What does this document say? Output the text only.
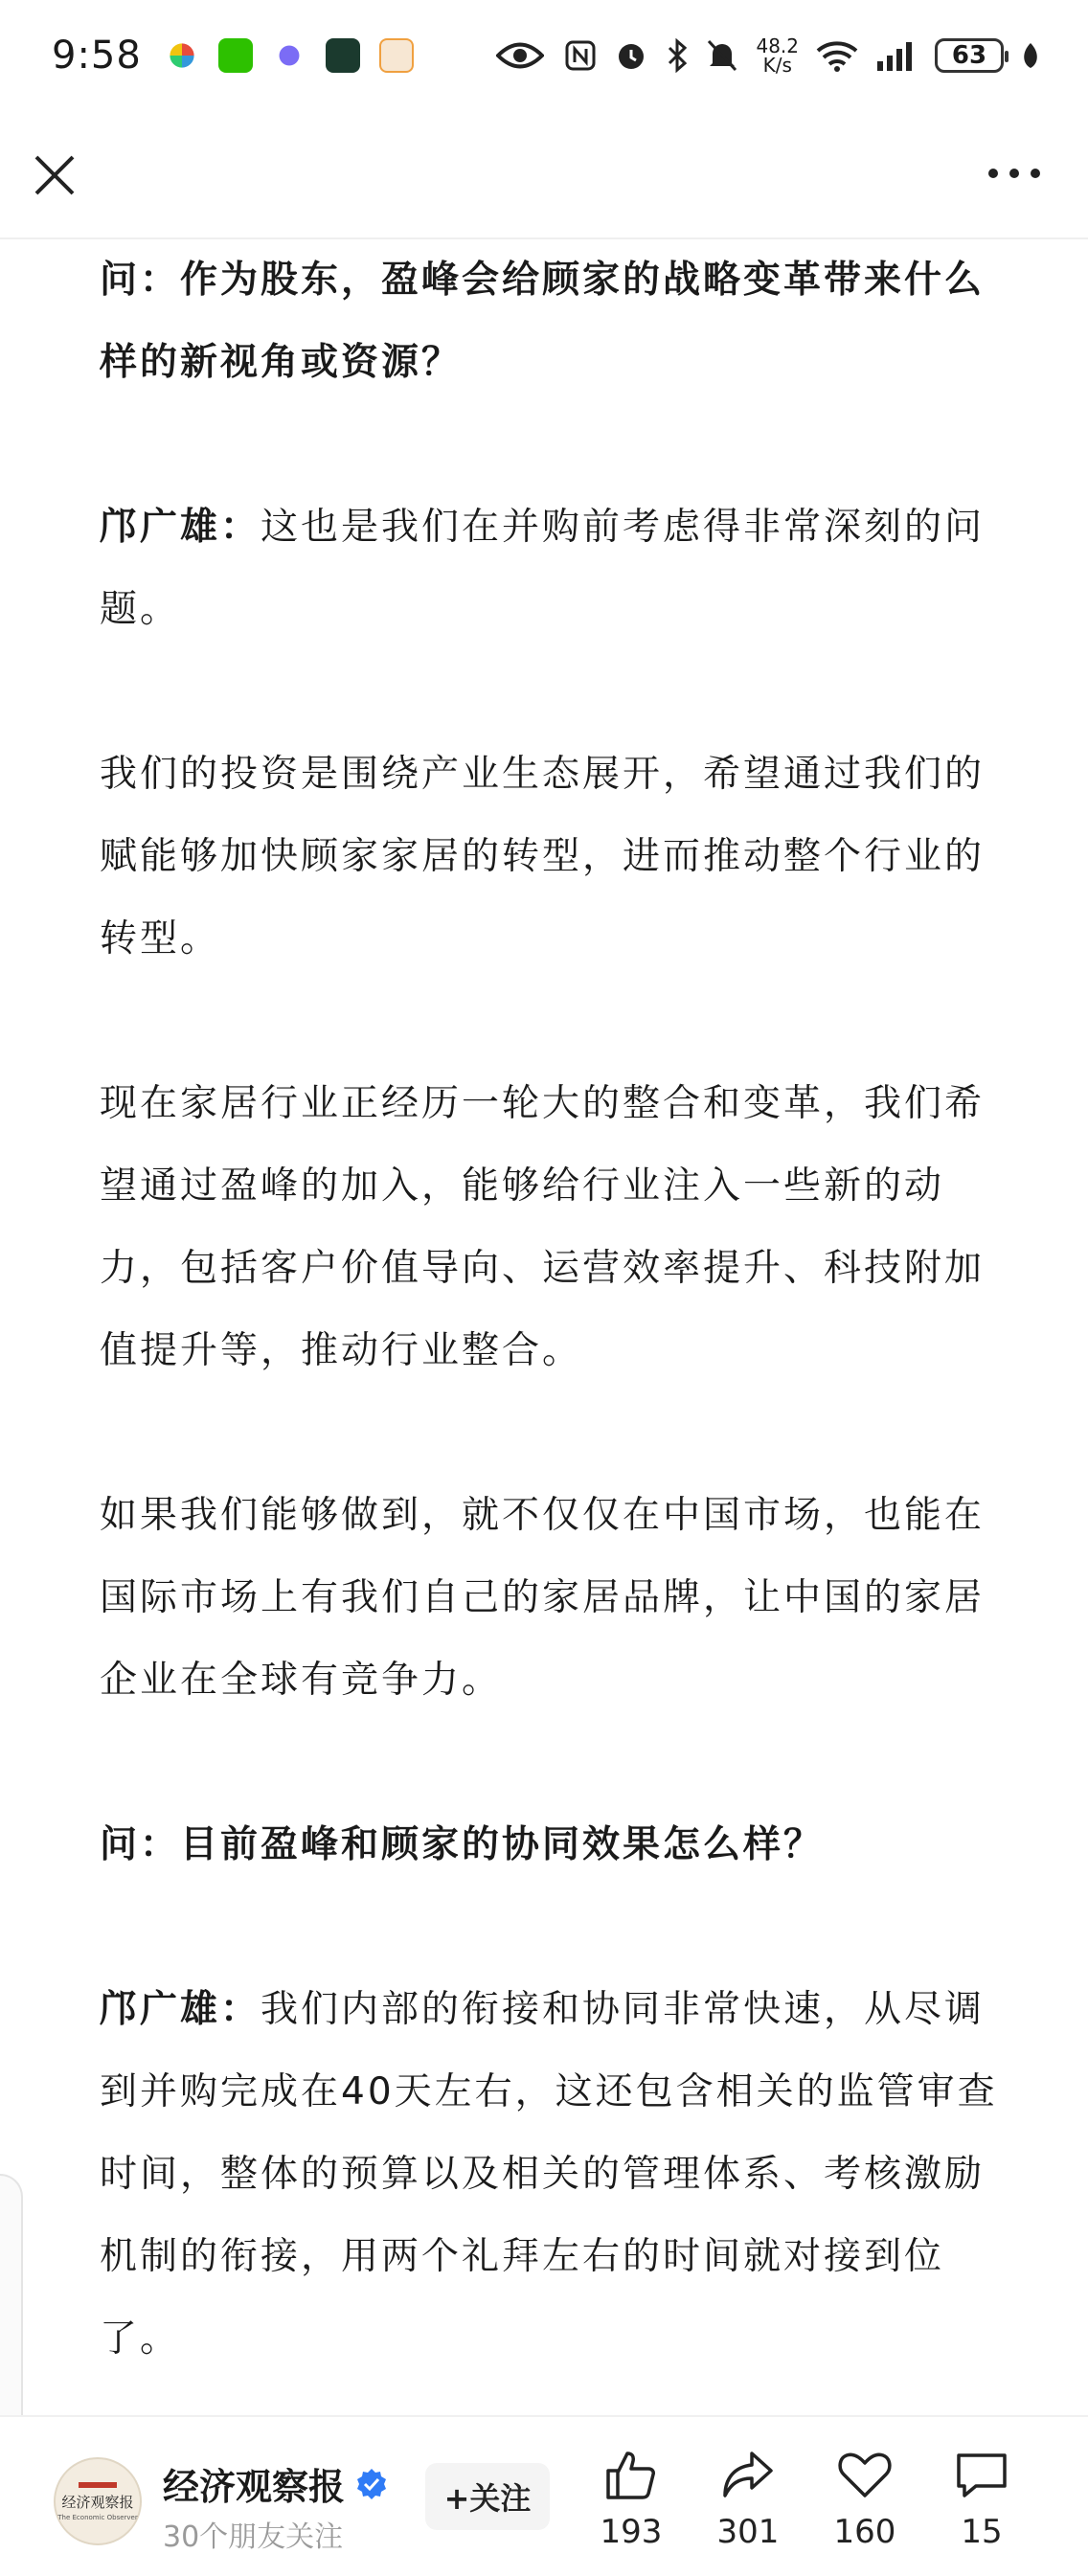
9:58	48.2
K/s	63

问：作为股东，盈峰会给顾家的战略变革带来什么样的新视角或资源？

邝广雄：这也是我们在并购前考虑得非常深刻的问题。

我们的投资是围绕产业生态展开，希望通过我们的赋能够加快顾家家居的转型，进而推动整个行业的转型。

现在家居行业正经历一轮大的整合和变革，我们希望通过盈峰的加入，能够给行业注入一些新的动力，包括客户价值导向、运营效率提升、科技附加值提升等，推动行业整合。

如果我们能够做到，就不仅仅在中国市场，也能在国际市场上有我们自己的家居品牌，让中国的家居企业在全球有竞争力。

问：目前盈峰和顾家的协同效果怎么样？

邝广雄：我们内部的衔接和协同非常快速，从尽调到并购完成在40天左右，这还包含相关的监管审查时间，整体的预算以及相关的管理体系、考核激励机制的衔接，用两个礼拜左右的时间就对接到位了。

经济观察报
The Economic Observer
经济观察报
30个朋友关注
+关注
193 301 160 15
